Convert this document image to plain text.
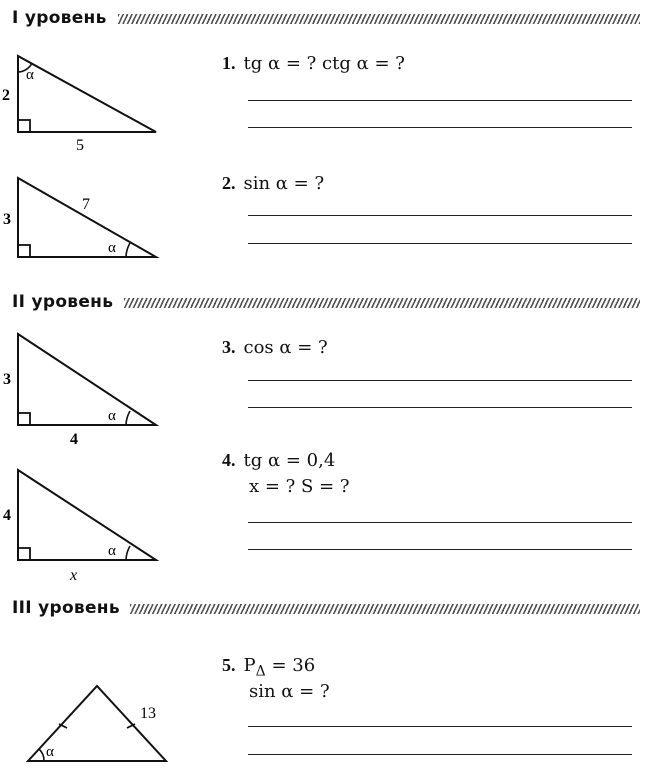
I уровень
α
2
5
1. tg α = ? ctg α = ?
α
3
7
2. sin α = ?
II уровень
α
3
4
3. cos α = ?
α
4
x
4. tg α = 0,4
x = ? S = ?
III уровень
α
13
5. $P_\Delta = 36$
sin α = ?
